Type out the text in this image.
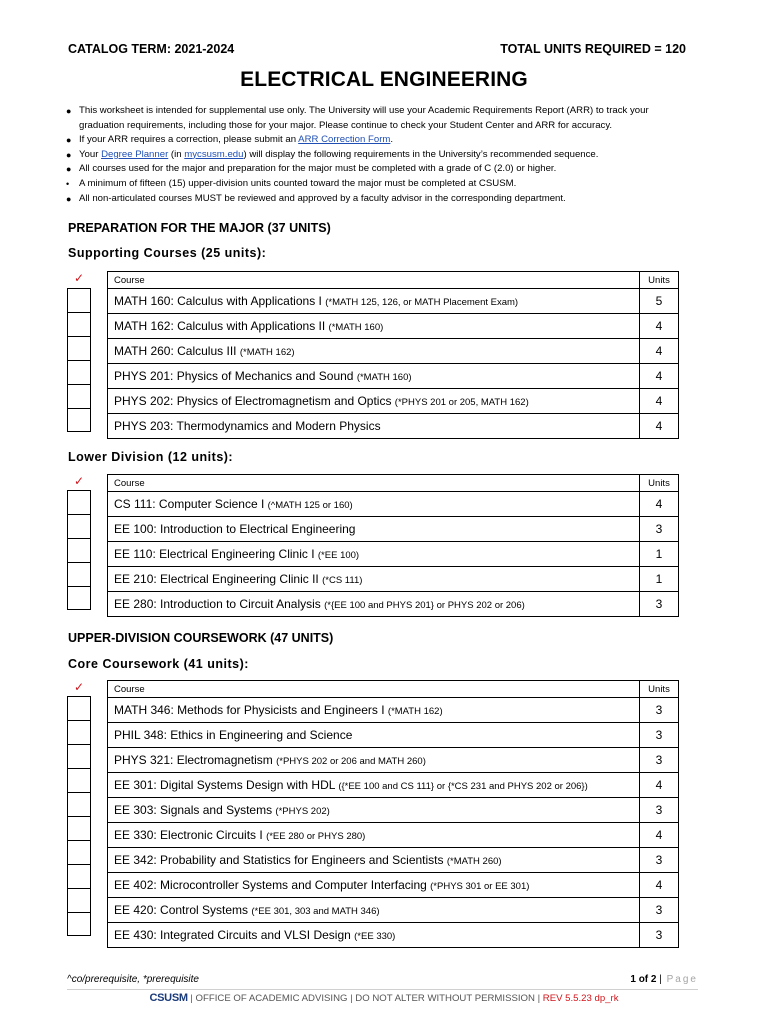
CATALOG TERM: 2021-2024	TOTAL UNITS REQUIRED = 120
ELECTRICAL ENGINEERING
● This worksheet is intended for supplemental use only. The University will use your Academic Requirements Report (ARR) to track your
graduation requirements, including those for your major. Please continue to check your Student Center and ARR for accuracy.
● If your ARR requires a correction, please submit an ARR Correction Form.
● Your Degree Planner (in mycsusm.edu) will display the following requirements in the University’s recommended sequence.
● All courses used for the major and preparation for the major must be completed with a grade of C (2.0) or higher.
• A minimum of fifteen (15) upper-division units counted toward the major must be completed at CSUSM.
● All non-articulated courses MUST be reviewed and approved by a faculty advisor in the corresponding department.
PREPARATION FOR THE MAJOR (37 UNITS)
Supporting Courses (25 units):
✓	Course	Units
MATH 160: Calculus with Applications I (*MATH 125, 126, or MATH Placement Exam)	5
MATH 162: Calculus with Applications II (*MATH 160)	4
MATH 260: Calculus III (*MATH 162)	4
PHYS 201: Physics of Mechanics and Sound (*MATH 160)	4
PHYS 202: Physics of Electromagnetism and Optics (*PHYS 201 or 205, MATH 162)	4
PHYS 203: Thermodynamics and Modern Physics	4
Lower Division (12 units):
✓	Course	Units
CS 111: Computer Science I (^MATH 125 or 160)	4
EE 100: Introduction to Electrical Engineering	3
EE 110: Electrical Engineering Clinic I (*EE 100)	1
EE 210: Electrical Engineering Clinic II (*CS 111)	1
EE 280: Introduction to Circuit Analysis (*{EE 100 and PHYS 201} or PHYS 202 or 206)	3
UPPER-DIVISION COURSEWORK (47 UNITS)
Core Coursework (41 units):
✓	Course	Units
MATH 346: Methods for Physicists and Engineers I (*MATH 162)	3
PHIL 348: Ethics in Engineering and Science	3
PHYS 321: Electromagnetism (*PHYS 202 or 206 and MATH 260)	3
EE 301: Digital Systems Design with HDL ({*EE 100 and CS 111} or {*CS 231 and PHYS 202 or 206})	4
EE 303: Signals and Systems (*PHYS 202)	3
EE 330: Electronic Circuits I (*EE 280 or PHYS 280)	4
EE 342: Probability and Statistics for Engineers and Scientists (*MATH 260)	3
EE 402: Microcontroller Systems and Computer Interfacing (*PHYS 301 or EE 301)	4
EE 420: Control Systems (*EE 301, 303 and MATH 346)	3
EE 430: Integrated Circuits and VLSI Design (*EE 330)	3
^co/prerequisite, *prerequisite	1 of 2 | Page
CSUSM | OFFICE OF ACADEMIC ADVISING | DO NOT ALTER WITHOUT PERMISSION | REV 5.5.23 dp_rk
